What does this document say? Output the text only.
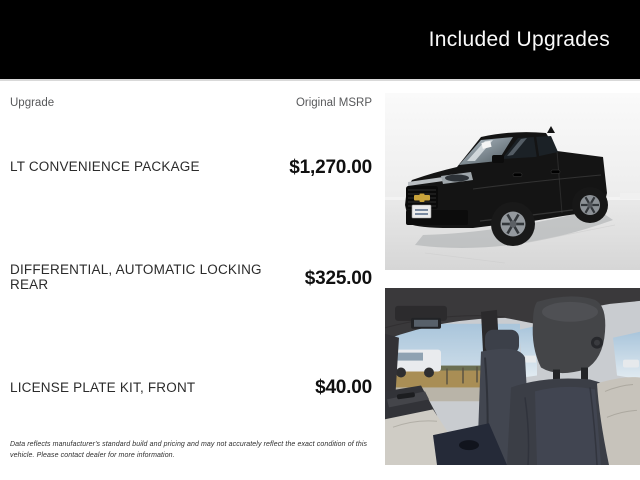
Included Upgrades
Upgrade	Original MSRP
LT CONVENIENCE PACKAGE	$1,270.00
DIFFERENTIAL, AUTOMATIC LOCKING REAR	$325.00
LICENSE PLATE KIT, FRONT	$40.00
Data reflects manufacturer's standard build and pricing and may not accurately reflect the exact condition of this vehicle. Please contact dealer for more information.
